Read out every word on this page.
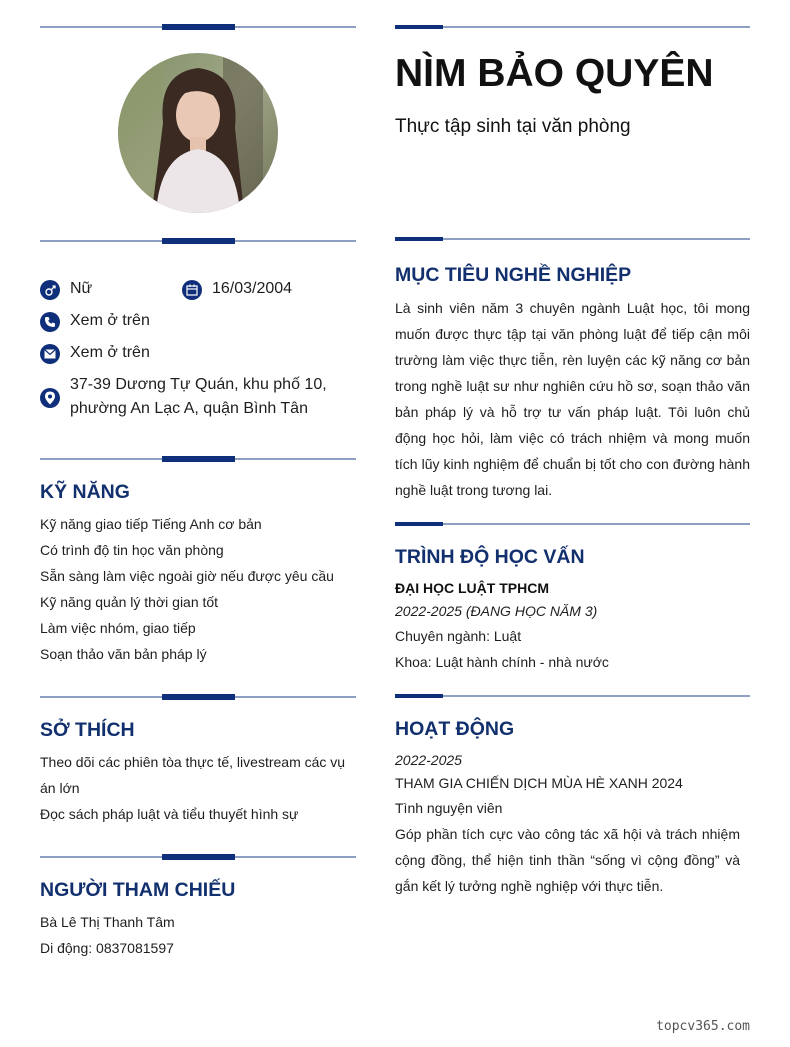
Nữ	16/03/2004
Xem ở trên
Xem ở trên
37-39 Dương Tự Quán, khu phố 10,
phường An Lạc A, quận Bình Tân
KỸ NĂNG
Kỹ năng giao tiếp Tiếng Anh cơ bản
Có trình độ tin học văn phòng
Sẵn sàng làm việc ngoài giờ nếu được yêu cầu
Kỹ năng quản lý thời gian tốt
Làm việc nhóm, giao tiếp
Soạn thảo văn bản pháp lý
SỞ THÍCH
Theo dõi các phiên tòa thực tế, livestream các vụ
án lớn
Đọc sách pháp luật và tiểu thuyết hình sự
NGƯỜI THAM CHIẾU
Bà Lê Thị Thanh Tâm
Di động: 0837081597
NÌM BẢO QUYÊN
Thực tập sinh tại văn phòng
MỤC TIÊU NGHỀ NGHIỆP
Là sinh viên năm 3 chuyên ngành Luật học, tôi mong muốn được thực tập tại văn phòng luật để tiếp cận môi trường làm việc thực tiễn, rèn luyện các kỹ năng cơ bản trong nghề luật sư như nghiên cứu hồ sơ, soạn thảo văn bản pháp lý và hỗ trợ tư vấn pháp luật. Tôi luôn chủ động học hỏi, làm việc có trách nhiệm và mong muốn tích lũy kinh nghiệm để chuẩn bị tốt cho con đường hành nghề luật trong tương lai.
TRÌNH ĐỘ HỌC VẤN
ĐẠI HỌC LUẬT TPHCM
2022-2025 (ĐANG HỌC NĂM 3)
Chuyên ngành: Luật
Khoa: Luật hành chính - nhà nước
HOẠT ĐỘNG
2022-2025
THAM GIA CHIẾN DỊCH MÙA HÈ XANH 2024
Tình nguyện viên
Góp phần tích cực vào công tác xã hội và trách nhiệm cộng đồng, thể hiện tinh thần “sống vì cộng đồng” và gắn kết lý tưởng nghề nghiệp với thực tiễn.
topcv365.com
